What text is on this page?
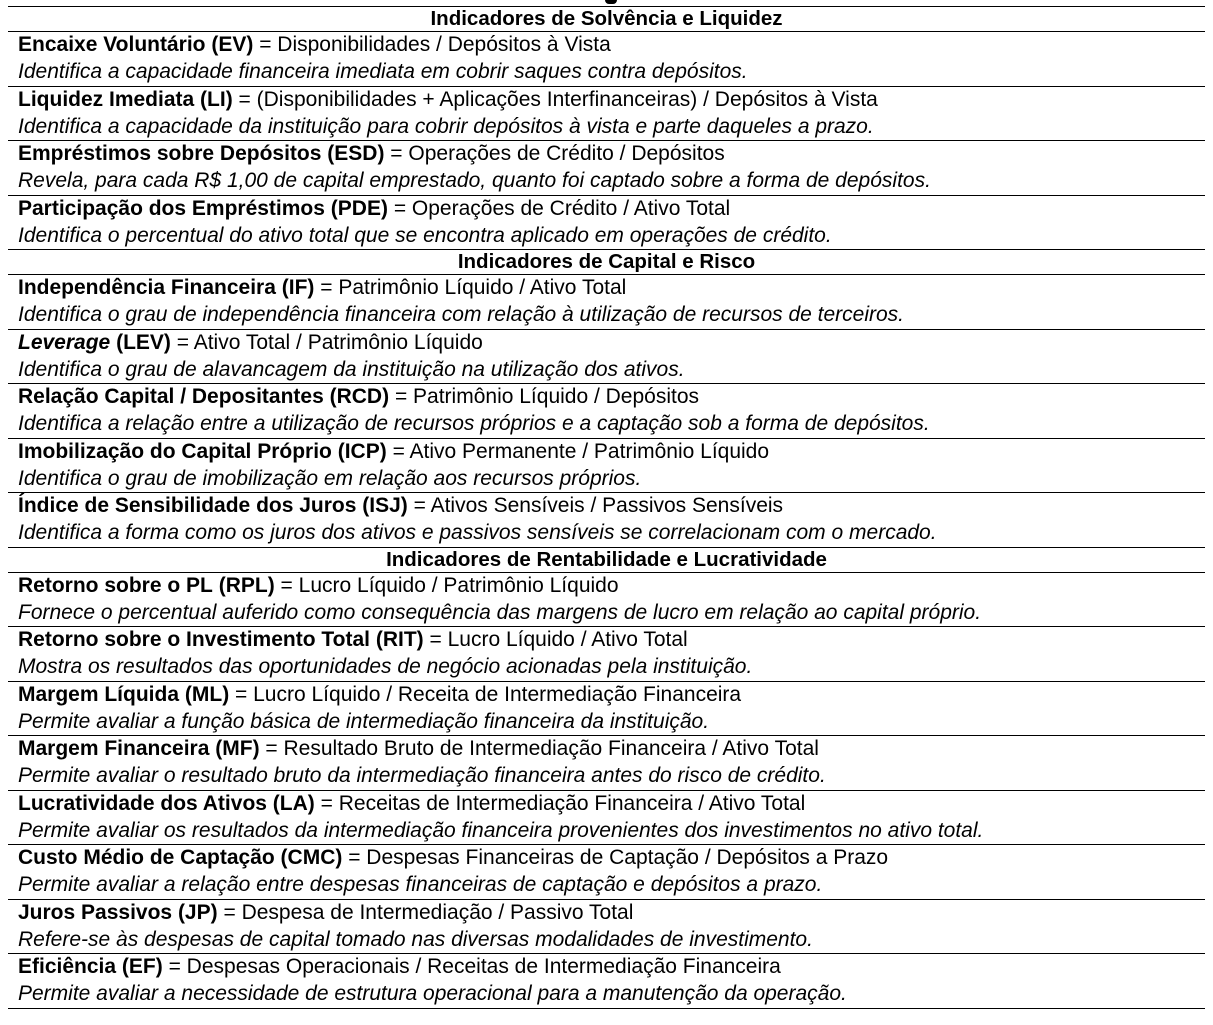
Indicadores de Solvência e Liquidez
Encaixe Voluntário (EV) = Disponibilidades / Depósitos à Vista
Identifica a capacidade financeira imediata em cobrir saques contra depósitos.
Liquidez Imediata (LI) = (Disponibilidades + Aplicações Interfinanceiras) / Depósitos à Vista
Identifica a capacidade da instituição para cobrir depósitos à vista e parte daqueles a prazo.
Empréstimos sobre Depósitos (ESD) = Operações de Crédito / Depósitos
Revela, para cada R$ 1,00 de capital emprestado, quanto foi captado sobre a forma de depósitos.
Participação dos Empréstimos (PDE) = Operações de Crédito / Ativo Total
Identifica o percentual do ativo total que se encontra aplicado em operações de crédito.
Indicadores de Capital e Risco
Independência Financeira (IF) = Patrimônio Líquido / Ativo Total
Identifica o grau de independência financeira com relação à utilização de recursos de terceiros.
Leverage (LEV) = Ativo Total / Patrimônio Líquido
Identifica o grau de alavancagem da instituição na utilização dos ativos.
Relação Capital / Depositantes (RCD) = Patrimônio Líquido / Depósitos
Identifica a relação entre a utilização de recursos próprios e a captação sob a forma de depósitos.
Imobilização do Capital Próprio (ICP) = Ativo Permanente / Patrimônio Líquido
Identifica o grau de imobilização em relação aos recursos próprios.
Índice de Sensibilidade dos Juros (ISJ) = Ativos Sensíveis / Passivos Sensíveis
Identifica a forma como os juros dos ativos e passivos sensíveis se correlacionam com o mercado.
Indicadores de Rentabilidade e Lucratividade
Retorno sobre o PL (RPL) = Lucro Líquido / Patrimônio Líquido
Fornece o percentual auferido como consequência das margens de lucro em relação ao capital próprio.
Retorno sobre o Investimento Total (RIT) = Lucro Líquido / Ativo Total
Mostra os resultados das oportunidades de negócio acionadas pela instituição.
Margem Líquida (ML) = Lucro Líquido / Receita de Intermediação Financeira
Permite avaliar a função básica de intermediação financeira da instituição.
Margem Financeira (MF) = Resultado Bruto de Intermediação Financeira / Ativo Total
Permite avaliar o resultado bruto da intermediação financeira antes do risco de crédito.
Lucratividade dos Ativos (LA) = Receitas de Intermediação Financeira / Ativo Total
Permite avaliar os resultados da intermediação financeira provenientes dos investimentos no ativo total.
Custo Médio de Captação (CMC) = Despesas Financeiras de Captação / Depósitos a Prazo
Permite avaliar a relação entre despesas financeiras de captação e depósitos a prazo.
Juros Passivos (JP) = Despesa de Intermediação / Passivo Total
Refere-se às despesas de capital tomado nas diversas modalidades de investimento.
Eficiência (EF) = Despesas Operacionais / Receitas de Intermediação Financeira
Permite avaliar a necessidade de estrutura operacional para a manutenção da operação.
